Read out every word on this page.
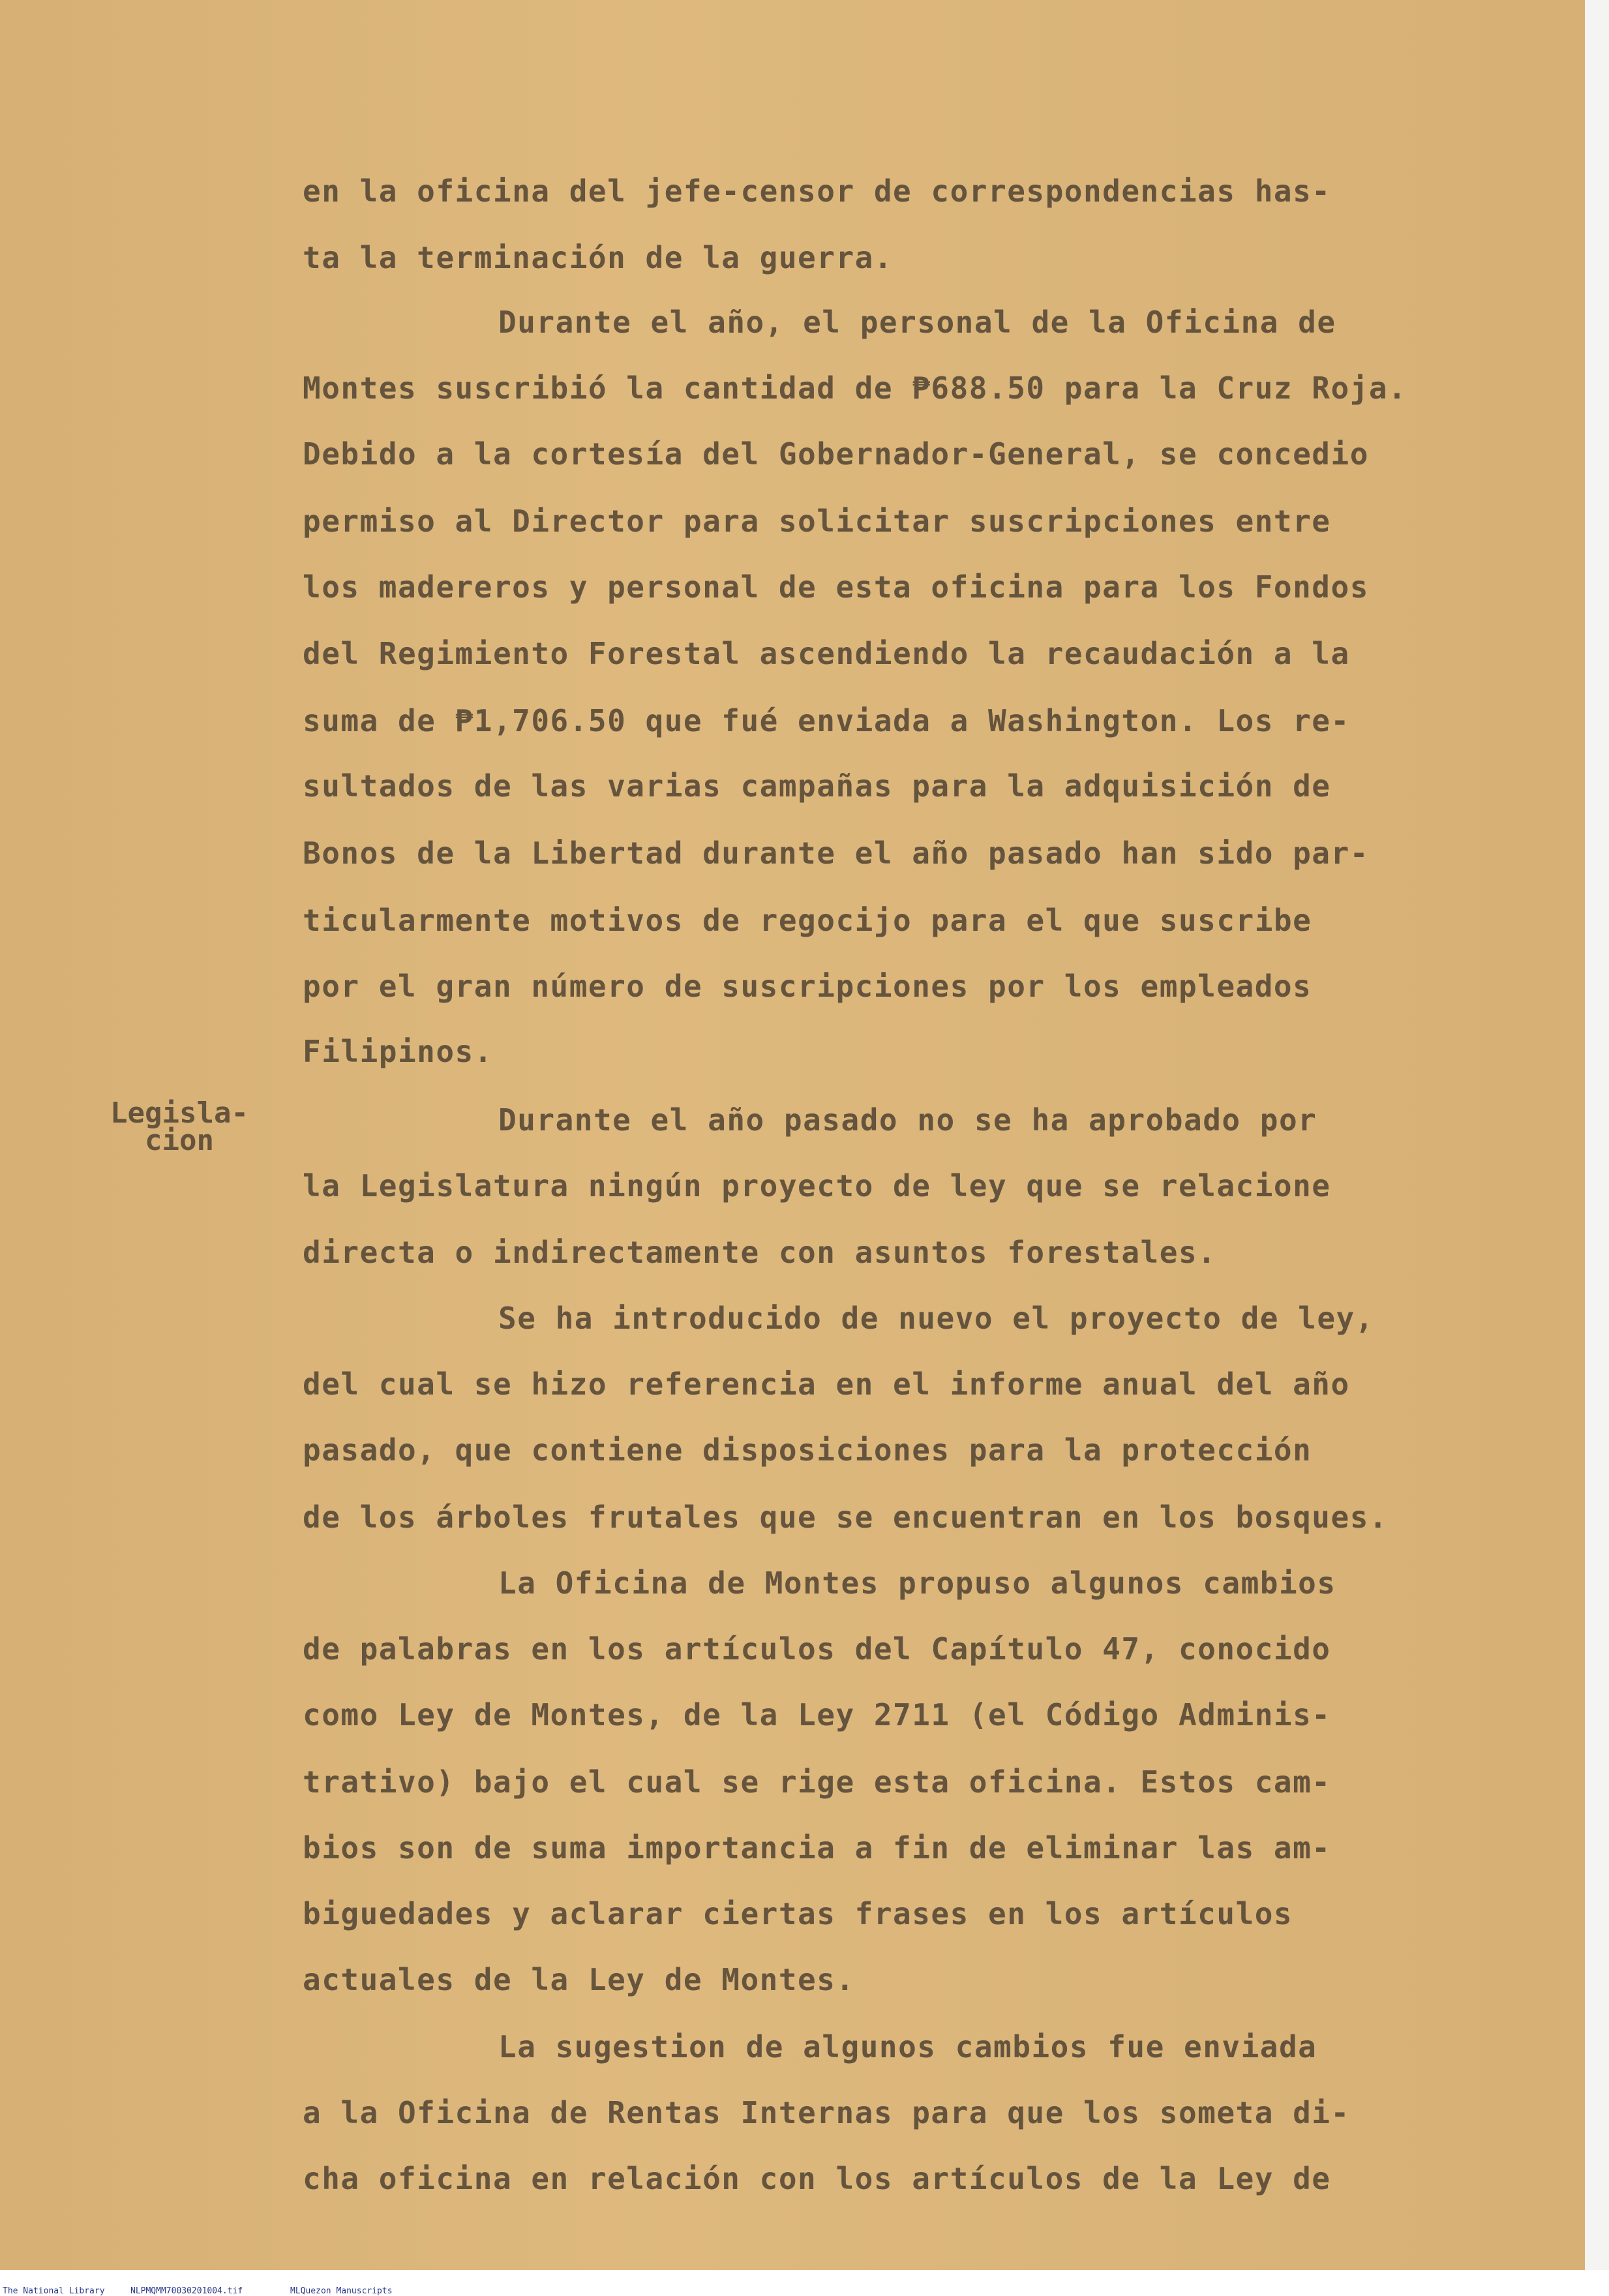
en la oficina del jefe-censor de correspondencias has-
ta la terminación de la guerra.
Durante el año, el personal de la Oficina de
Montes suscribió la cantidad de ₱688.50 para la Cruz Roja.
Debido a la cortesía del Gobernador-General, se concedio
permiso al Director para solicitar suscripciones entre
los madereros y personal de esta oficina para los Fondos
del Regimiento Forestal ascendiendo la recaudación a la
suma de ₱1,706.50 que fué enviada a Washington. Los re-
sultados de las varias campañas para la adquisición de
Bonos de la Libertad durante el año pasado han sido par-
ticularmente motivos de regocijo para el que suscribe
por el gran número de suscripciones por los empleados
Filipinos.
Legisla-
cion
Durante el año pasado no se ha aprobado por
la Legislatura ningún proyecto de ley que se relacione
directa o indirectamente con asuntos forestales.
Se ha introducido de nuevo el proyecto de ley,
del cual se hizo referencia en el informe anual del año
pasado, que contiene disposiciones para la protección
de los árboles frutales que se encuentran en los bosques.
La Oficina de Montes propuso algunos cambios
de palabras en los artículos del Capítulo 47, conocido
como Ley de Montes, de la Ley 2711 (el Código Adminis-
trativo) bajo el cual se rige esta oficina. Estos cam-
bios son de suma importancia a fin de eliminar las am-
biguedades y aclarar ciertas frases en los artículos
actuales de la Ley de Montes.
La sugestion de algunos cambios fue enviada
a la Oficina de Rentas Internas para que los someta di-
cha oficina en relación con los artículos de la Ley de
The National Library	NLPMQMM70030201004.tif	MLQuezon Manuscripts
